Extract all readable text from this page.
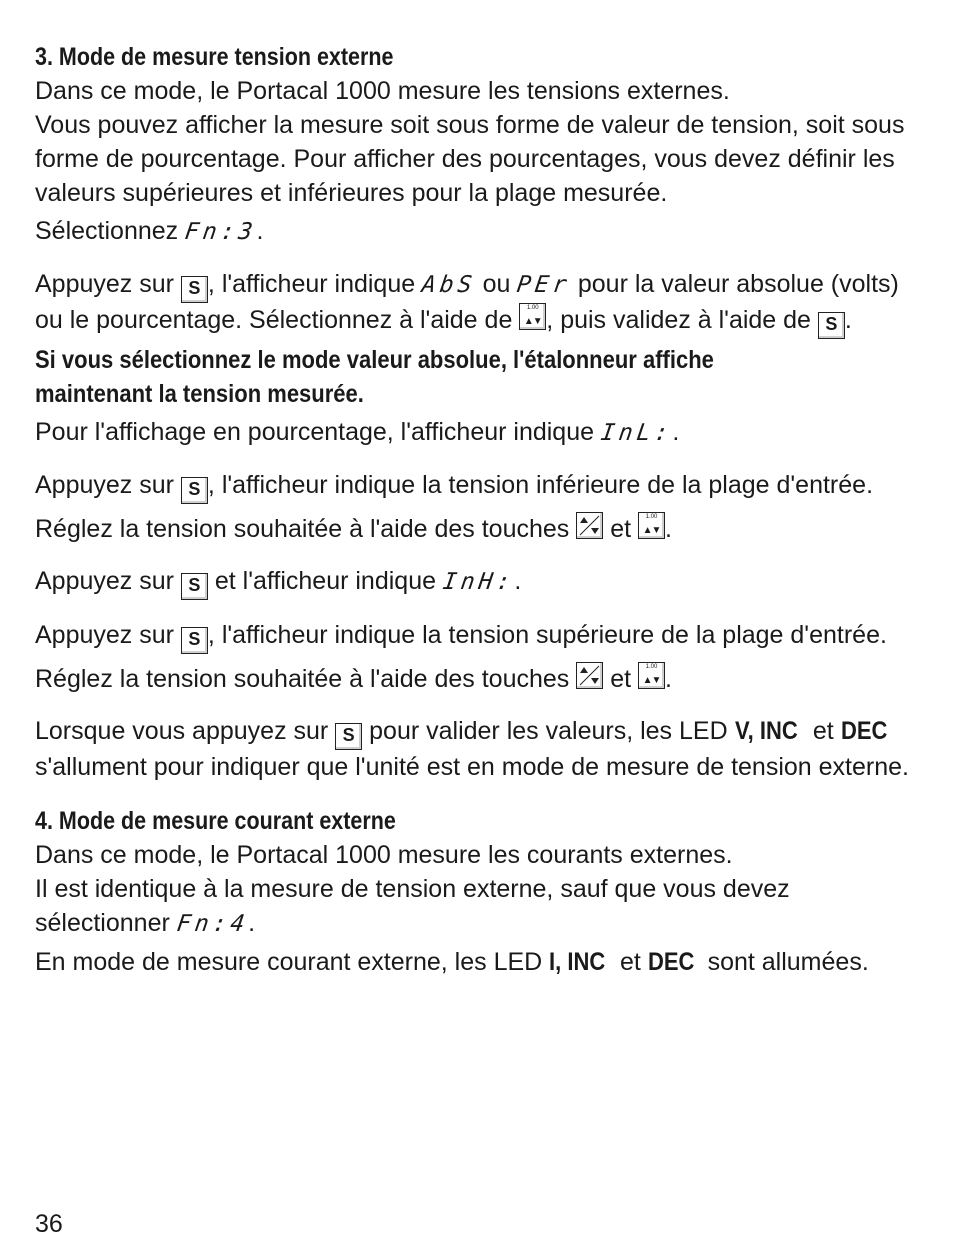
3. Mode de mesure tension externe

Dans ce mode, le Portacal 1000 mesure les tensions externes.

Vous pouvez afficher la mesure soit sous forme de valeur de tension, soit sous forme de pourcentage. Pour afficher des pourcentages, vous devez définir les valeurs supérieures et inférieures pour la plage mesurée.

Sélectionnez Fn:3.

Appuyez sur S , l'afficheur indique AbS ou PEr pour la valeur absolue (volts) ou le pourcentage. Sélectionnez à l'aide de	1.00
▲▼ , puis validez à l'aide de S .

Si vous sélectionnez le mode valeur absolue, l'étalonneur affiche maintenant la tension mesurée.

Pour l'affichage en pourcentage, l'afficheur indique InL:.

Appuyez sur S , l'afficheur indique la tension inférieure de la plage d'entrée.

Réglez la tension souhaitée à l'aide des touches
et	1.00
▲▼ .

Appuyez sur S et l'afficheur indique InH:.

Appuyez sur S , l'afficheur indique la tension supérieure de la plage d'entrée.

Réglez la tension souhaitée à l'aide des touches
et	1.00
▲▼ .

Lorsque vous appuyez sur S pour valider les valeurs, les LED V, INC et DEC s'allument pour indiquer que l'unité est en mode de mesure de tension externe.

4. Mode de mesure courant externe

Dans ce mode, le Portacal 1000 mesure les courants externes.

Il est identique à la mesure de tension externe, sauf que vous devez sélectionner Fn:4.

En mode de mesure courant externe, les LED I, INC et DEC sont allumées.

36
